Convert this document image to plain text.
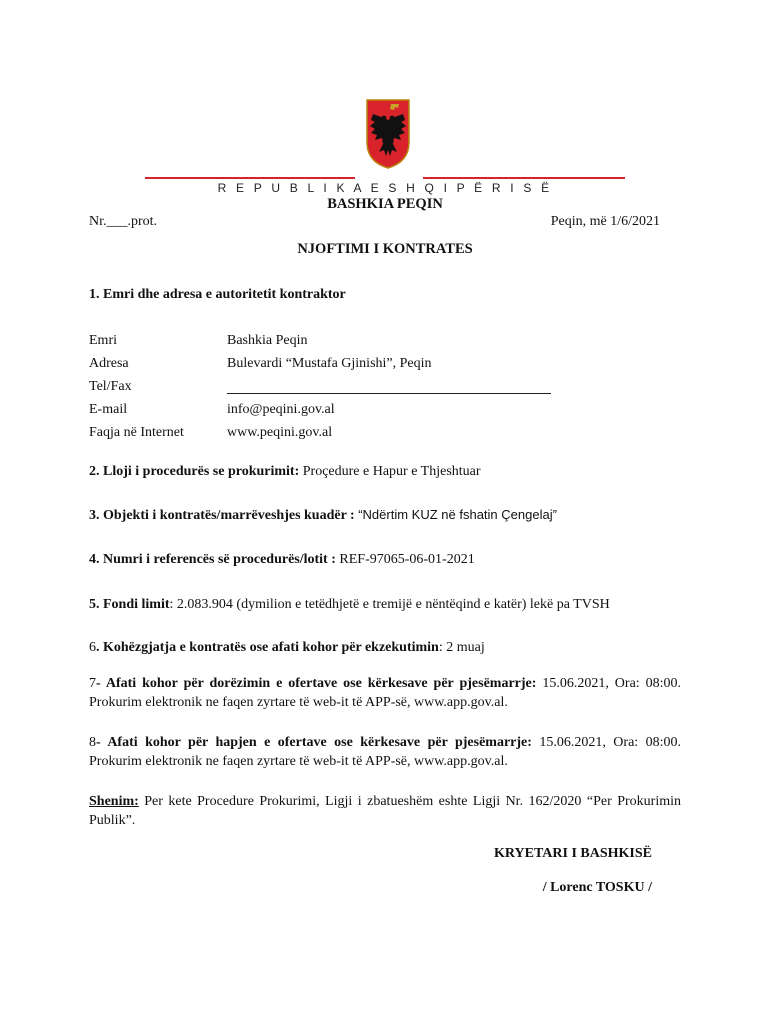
R E P U B L I K A E S H Q I P Ë R I S Ë
BASHKIA PEQIN
Nr.___.prot.	Peqin, më 1/6/2021
NJOFTIMI I KONTRATES
1. Emri dhe adresa e autoritetit kontraktor
Emri	Bashkia Peqin
Adresa	Bulevardi “Mustafa Gjinishi”, Peqin
Tel/Fax
E-mail	info@peqini.gov.al
Faqja në Internet	www.peqini.gov.al
2. Lloji i procedurës se prokurimit: Proçedure e Hapur e Thjeshtuar
3. Objekti i kontratës/marrëveshjes kuadër : “Ndërtim KUZ në fshatin Çengelaj”
4. Numri i referencës së procedurës/lotit : REF-97065-06-01-2021
5. Fondi limit: 2.083.904 (dymilion e tetëdhjetë e tremijë e nëntëqind e katër) lekë pa TVSH
6. Kohëzgjatja e kontratës ose afati kohor për ekzekutimin: 2 muaj
7- Afati kohor për dorëzimin e ofertave ose kërkesave për pjesëmarrje: 15.06.2021, Ora: 08:00. Prokurim elektronik ne faqen zyrtare të web-it të APP-së, www.app.gov.al.
8- Afati kohor për hapjen e ofertave ose kërkesave për pjesëmarrje: 15.06.2021, Ora: 08:00. Prokurim elektronik ne faqen zyrtare të web-it të APP-së, www.app.gov.al.
Shenim: Per kete Procedure Prokurimi, Ligji i zbatueshëm eshte Ligji Nr. 162/2020 “Per Prokurimin Publik”.
KRYETARI I BASHKISË
/ Lorenc TOSKU /
